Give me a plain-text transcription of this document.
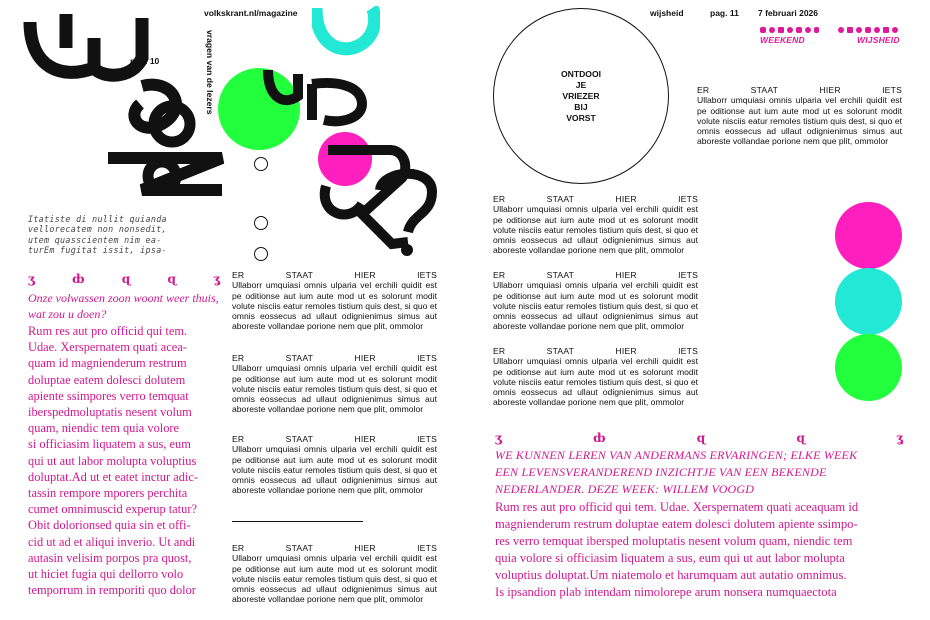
pag. 10
volkskrant.nl/magazine
vragen van de lezers
Itatiste di nullit quianda
vellorecatem non nonsedit,
utem quasscientem nim ea-
turEm fugitat issit, ipsa-
ʒ	ȸ	ɋ	ɋ	ʓ
Onze volwassen zoon woont weer thuis, wat zou u doen?
Rum res aut pro officid qui tem.
Udae. Xerspernatem quati acea-
quam id magnienderum restrum
doluptae eatem dolesci dolutem
apiente ssimpores verro temquat
iberspedmoluptatis nesent volum
quam, niendic tem quia volore
si officiasim liquatem a sus, eum
qui ut aut labor molupta voluptius
doluptat.Ad ut et eatet inctur adic-
tassin rempore mporers perchita
cumet omnimuscid experup tatur?
Obit dolorionsed quia sin et offi-
cid ut ad et aliqui inverio. Ut andi
autasin velisim porpos pra quost,
ut hiciet fugia qui dellorro volo
temporrum in remporiti quo dolor
ER	STAAT	HIER	IETS
Ullaborr umquiasi omnis ulparia vel erchili quidit est pe oditionse aut ium aute mod ut es solorunt modit volute nisciis eatur remoles tistium quis dest, si quo et omnis eossecus ad ullaut odignienimus simus aut aboreste vollandae porione nem que plit, ommolor
ER	STAAT	HIER	IETS
Ullaborr umquiasi omnis ulparia vel erchili quidit est pe oditionse aut ium aute mod ut es solorunt modit volute nisciis eatur remoles tistium quis dest, si quo et omnis eossecus ad ullaut odignienimus simus aut aboreste vollandae porione nem que plit, ommolor
ER	STAAT	HIER	IETS
Ullaborr umquiasi omnis ulparia vel erchili quidit est pe oditionse aut ium aute mod ut es solorunt modit volute nisciis eatur remoles tistium quis dest, si quo et omnis eossecus ad ullaut odignienimus simus aut aboreste vollandae porione nem que plit, ommolor
ER	STAAT	HIER	IETS
Ullaborr umquiasi omnis ulparia vel erchili quidit est pe oditionse aut ium aute mod ut es solorunt modit volute nisciis eatur remoles tistium quis dest, si quo et omnis eossecus ad ullaut odignienimus simus aut aboreste vollandae porione nem que plit, ommolor
ONTDOOI
JE
VRIEZER
BIJ
VORST
wijsheid	pag. 11 7 februari 2026
WEEKEND	WIJSHEID
ER	STAAT	HIER	IETS
Ullaborr umquiasi omnis ulparia vel erchili quidit est pe oditionse aut ium aute mod ut es solorunt modit volute nisciis eatur remoles tistium quis dest, si quo et omnis eossecus ad ullaut odignienimus simus aut aboreste vollandae porione nem que plit, ommolor
ER	STAAT	HIER	IETS
Ullaborr umquiasi omnis ulparia vel erchili quidit est pe oditionse aut ium aute mod ut es solorunt modit volute nisciis eatur remoles tistium quis dest, si quo et omnis eossecus ad ullaut odignienimus simus aut aboreste vollandae porione nem que plit, ommolor
ER	STAAT	HIER	IETS
Ullaborr umquiasi omnis ulparia vel erchili quidit est pe oditionse aut ium aute mod ut es solorunt modit volute nisciis eatur remoles tistium quis dest, si quo et omnis eossecus ad ullaut odignienimus simus aut aboreste vollandae porione nem que plit, ommolor
ER	STAAT	HIER	IETS
Ullaborr umquiasi omnis ulparia vel erchili quidit est pe oditionse aut ium aute mod ut es solorunt modit volute nisciis eatur remoles tistium quis dest, si quo et omnis eossecus ad ullaut odignienimus simus aut aboreste vollandae porione nem que plit, ommolor
ʒ	ȸ	ɋ	ɋ	ʓ
WE KUNNEN LEREN VAN ANDERMANS ERVARINGEN; ELKE WEEK
EEN LEVENSVERANDEREND INZICHTJE VAN EEN BEKENDE
NEDERLANDER. DEZE WEEK: WILLEM VOOGD
Rum res aut pro officid qui tem. Udae. Xerspernatem quati aceaquam id
magnienderum restrum doluptae eatem dolesci dolutem apiente ssimpo-
res verro temquat ibersped moluptatis nesent volum quam, niendic tem
quia volore si officiasim liquatem a sus, eum qui ut aut labor molupta
voluptius doluptat.Um niatemolo et harumquam aut autatio omnimus.
Is ipsandion plab intendam nimolorepe arum nonsera numquaectota
